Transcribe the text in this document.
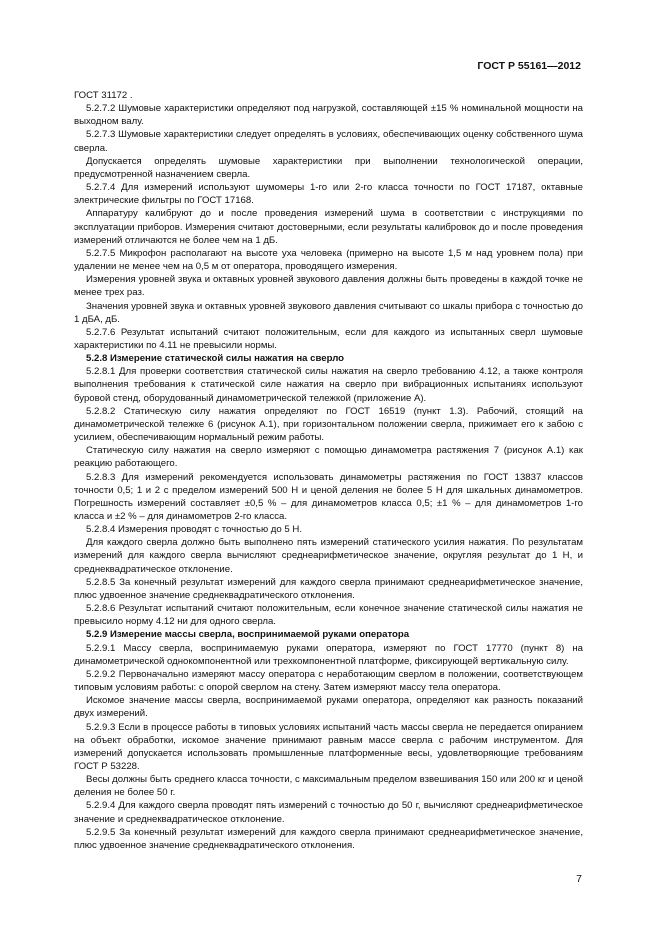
ГОСТ Р 55161—2012

ГОСТ 31172 .

5.2.7.2 Шумовые характеристики определяют под нагрузкой, составляющей ±15 % номинальной мощности на выходном валу.

5.2.7.3 Шумовые характеристики следует определять в условиях, обеспечивающих оценку собственного шума сверла.

Допускается определять шумовые характеристики при выполнении технологической операции, предусмотренной назначением сверла.

5.2.7.4 Для измерений используют шумомеры 1-го или 2-го класса точности по ГОСТ 17187, октавные электрические фильтры по ГОСТ 17168.

Аппаратуру калибруют до и после проведения измерений шума в соответствии с инструкциями по эксплуатации приборов. Измерения считают достоверными, если результаты калибровок до и после проведения измерений отличаются не более чем на 1 дБ.

5.2.7.5 Микрофон располагают на высоте уха человека (примерно на высоте 1,5 м над уровнем пола) при удалении не менее чем на 0,5 м от оператора, проводящего измерения.

Измерения уровней звука и октавных уровней звукового давления должны быть проведены в каждой точке не менее трех раз.

Значения уровней звука и октавных уровней звукового давления считывают со шкалы прибора с точностью до 1 дБА, дБ.

5.2.7.6 Результат испытаний считают положительным, если для каждого из испытанных сверл шумовые характеристики по 4.11 не превысили нормы.

5.2.8 Измерение статической силы нажатия на сверло

5.2.8.1 Для проверки соответствия статической силы нажатия на сверло требованию 4.12, а также контроля выполнения требования к статической силе нажатия на сверло при вибрационных испытаниях используют буровой стенд, оборудованный динамометрической тележкой (приложение А).

5.2.8.2 Статическую силу нажатия определяют по ГОСТ 16519 (пункт 1.3). Рабочий, стоящий на динамометрической тележке 6 (рисунок А.1), при горизонтальном положении сверла, прижимает его к забою с усилием, обеспечивающим нормальный режим работы.

Статическую силу нажатия на сверло измеряют с помощью динамометра растяжения 7 (рисунок А.1) как реакцию работающего.

5.2.8.3 Для измерений рекомендуется использовать динамометры растяжения по ГОСТ 13837 классов точности 0,5; 1 и 2 с пределом измерений 500 Н и ценой деления не более 5 Н для шкальных динамометров. Погрешность измерений составляет ±0,5 % – для динамометров класса 0,5; ±1 % – для динамометров 1-го класса и ±2 % – для динамометров 2-го класса.

5.2.8.4 Измерения проводят с точностью до 5 Н.

Для каждого сверла должно быть выполнено пять измерений статического усилия нажатия. По результатам измерений для каждого сверла вычисляют среднеарифметическое значение, округляя результат до 1 Н, и среднеквадратическое отклонение.

5.2.8.5 За конечный результат измерений для каждого сверла принимают среднеарифметическое значение, плюс удвоенное значение среднеквадратического отклонения.

5.2.8.6 Результат испытаний считают положительным, если конечное значение статической силы нажатия не превысило норму 4.12 ни для одного сверла.

5.2.9 Измерение массы сверла, воспринимаемой руками оператора

5.2.9.1 Массу сверла, воспринимаемую руками оператора, измеряют по ГОСТ 17770 (пункт 8) на динамометрической однокомпонентной или трехкомпонентной платформе, фиксирующей вертикальную силу.

5.2.9.2 Первоначально измеряют массу оператора с неработающим сверлом в положении, соответствующем типовым условиям работы: с опорой сверлом на стену. Затем измеряют массу тела оператора.

Искомое значение массы сверла, воспринимаемой руками оператора, определяют как разность показаний двух измерений.

5.2.9.3 Если в процессе работы в типовых условиях испытаний часть массы сверла не передается опиранием на объект обработки, искомое значение принимают равным массе сверла с рабочим инструментом. Для измерений допускается использовать промышленные платформенные весы, удовлетворяющие требованиям ГОСТ Р 53228.

Весы должны быть среднего класса точности, с максимальным пределом взвешивания 150 или 200 кг и ценой деления не более 50 г.

5.2.9.4 Для каждого сверла проводят пять измерений с точностью до 50 г, вычисляют среднеарифметическое значение и среднеквадратическое отклонение.

5.2.9.5 За конечный результат измерений для каждого сверла принимают среднеарифметическое значение, плюс удвоенное значение среднеквадратического отклонения.

7
